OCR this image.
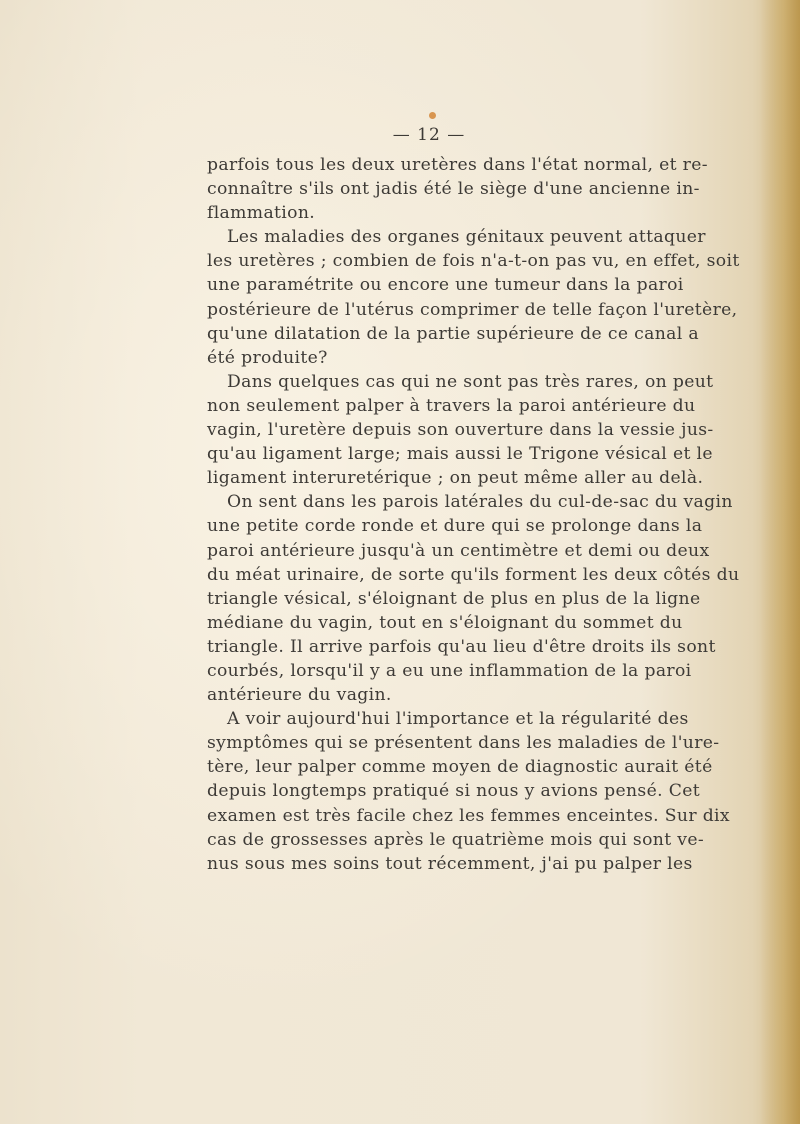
— 12 —
parfois tous les deux uretères dans l'état normal, et re-
connaître s'ils ont jadis été le siège d'une ancienne in-
flammation.
Les maladies des organes génitaux peuvent attaquer
les uretères ; combien de fois n'a-t-on pas vu, en effet, soit
une paramétrite ou encore une tumeur dans la paroi
postérieure de l'utérus comprimer de telle façon l'uretère,
qu'une dilatation de la partie supérieure de ce canal a
été produite?
Dans quelques cas qui ne sont pas très rares, on peut
non seulement palper à travers la paroi antérieure du
vagin, l'uretère depuis son ouverture dans la vessie jus-
qu'au ligament large; mais aussi le Trigone vésical et le
ligament interuretérique ; on peut même aller au delà.
On sent dans les parois latérales du cul-de-sac du vagin
une petite corde ronde et dure qui se prolonge dans la
paroi antérieure jusqu'à un centimètre et demi ou deux
du méat urinaire, de sorte qu'ils forment les deux côtés du
triangle vésical, s'éloignant de plus en plus de la ligne
médiane du vagin, tout en s'éloignant du sommet du
triangle. Il arrive parfois qu'au lieu d'être droits ils sont
courbés, lorsqu'il y a eu une inflammation de la paroi
antérieure du vagin.
A voir aujourd'hui l'importance et la régularité des
symptômes qui se présentent dans les maladies de l'ure-
tère, leur palper comme moyen de diagnostic aurait été
depuis longtemps pratiqué si nous y avions pensé. Cet
examen est très facile chez les femmes enceintes. Sur dix
cas de grossesses après le quatrième mois qui sont ve-
nus sous mes soins tout récemment, j'ai pu palper les
